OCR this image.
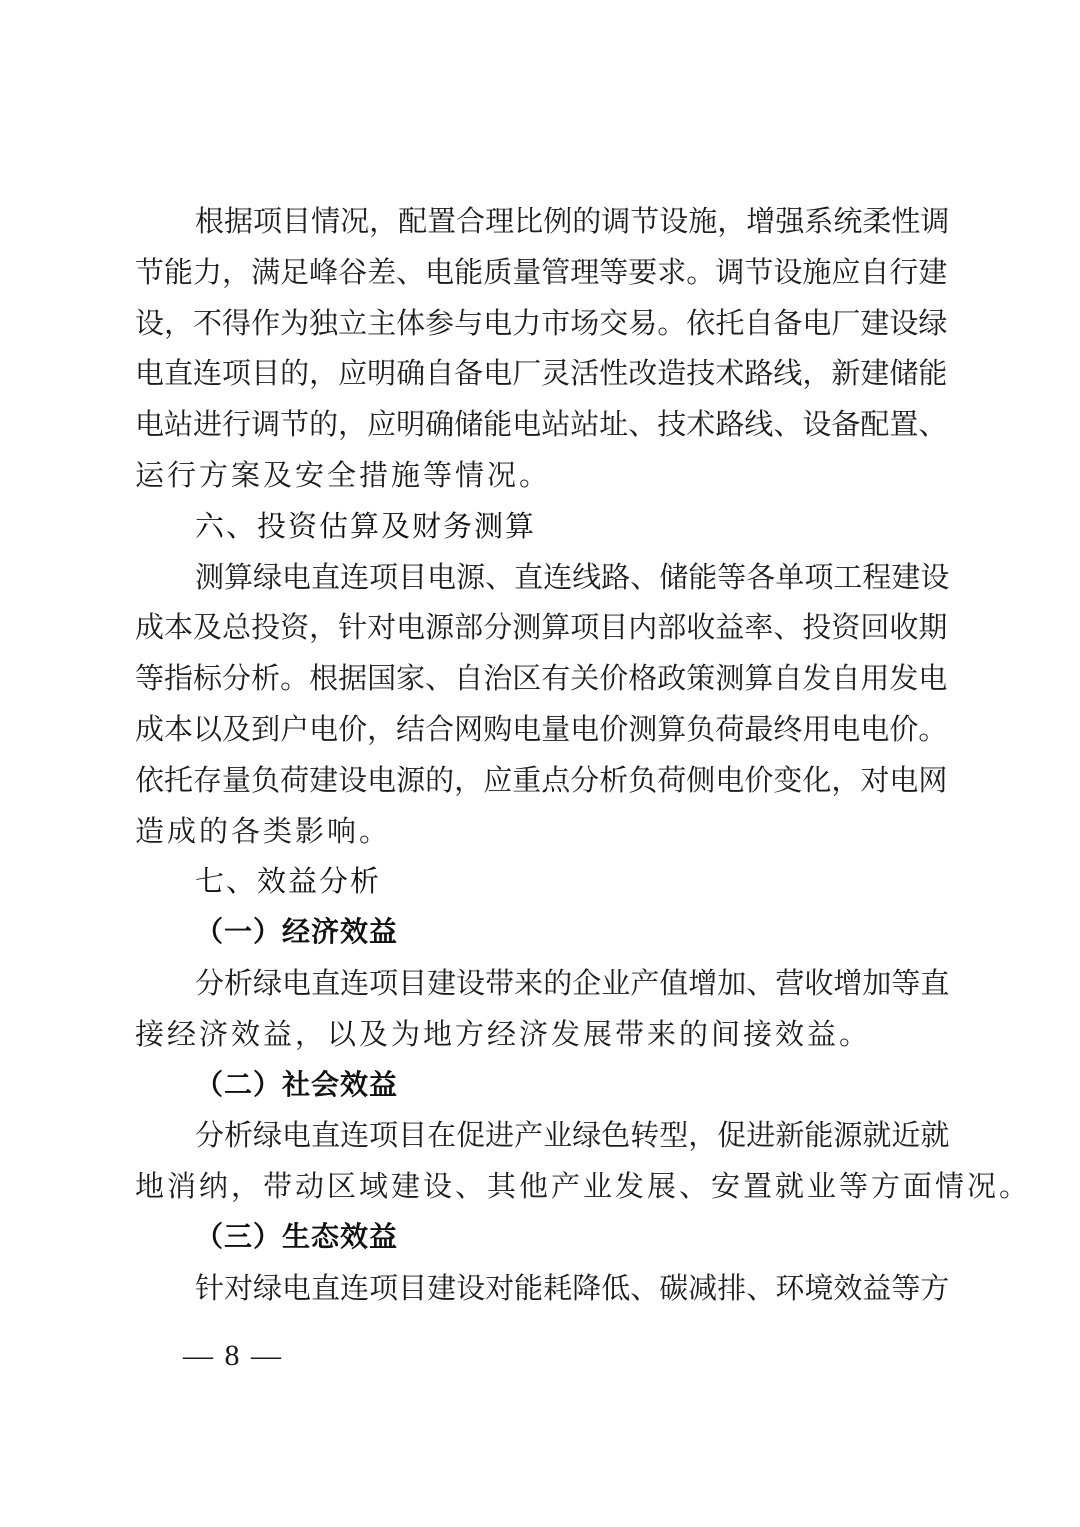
根 据 项 目 情 况 ， 配 置 合 理 比 例 的 调 节 设 施 ， 增 强 系 统 柔 性 调
节 能 力 ， 满 足 峰 谷 差 、 电 能 质 量 管 理 等 要 求 。 调 节 设 施 应 自 行 建
设 ， 不 得 作 为 独 立 主 体 参 与 电 力 市 场 交 易 。 依 托 自 备 电 厂 建 设 绿
电 直 连 项 目 的 ， 应 明 确 自 备 电 厂 灵 活 性 改 造 技 术 路 线 ， 新 建 储 能
电 站 进 行 调 节 的 ， 应 明 确 储 能 电 站 站 址 、 技 术 路 线 、 设 备 配 置 、
运行方案及安全措施等情况。
六、投资估算及财务测算
测 算 绿 电 直 连 项 目 电 源 、 直 连 线 路 、 储 能 等 各 单 项 工 程 建 设
成 本 及 总 投 资 ， 针 对 电 源 部 分 测 算 项 目 内 部 收 益 率 、 投 资 回 收 期
等 指 标 分 析 。 根 据 国 家 、 自 治 区 有 关 价 格 政 策 测 算 自 发 自 用 发 电
成 本 以 及 到 户 电 价 ， 结 合 网 购 电 量 电 价 测 算 负 荷 最 终 用 电 电 价 。
依 托 存 量 负 荷 建 设 电 源 的 ， 应 重 点 分 析 负 荷 侧 电 价 变 化 ， 对 电 网
造成的各类影响。
七、效益分析
（一）经济效益
分 析 绿 电 直 连 项 目 建 设 带 来 的 企 业 产 值 增 加 、 营 收 增 加 等 直
接经济效益，以及为地方经济发展带来的间接效益。
（二）社会效益
分 析 绿 电 直 连 项 目 在 促 进 产 业 绿 色 转 型 ， 促 进 新 能 源 就 近 就
地消纳，带动区域建设、其他产业发展、安置就业等方面情况。
（三）生态效益
针 对 绿 电 直 连 项 目 建 设 对 能 耗 降 低 、 碳 减 排 、 环 境 效 益 等 方
— 8 —
